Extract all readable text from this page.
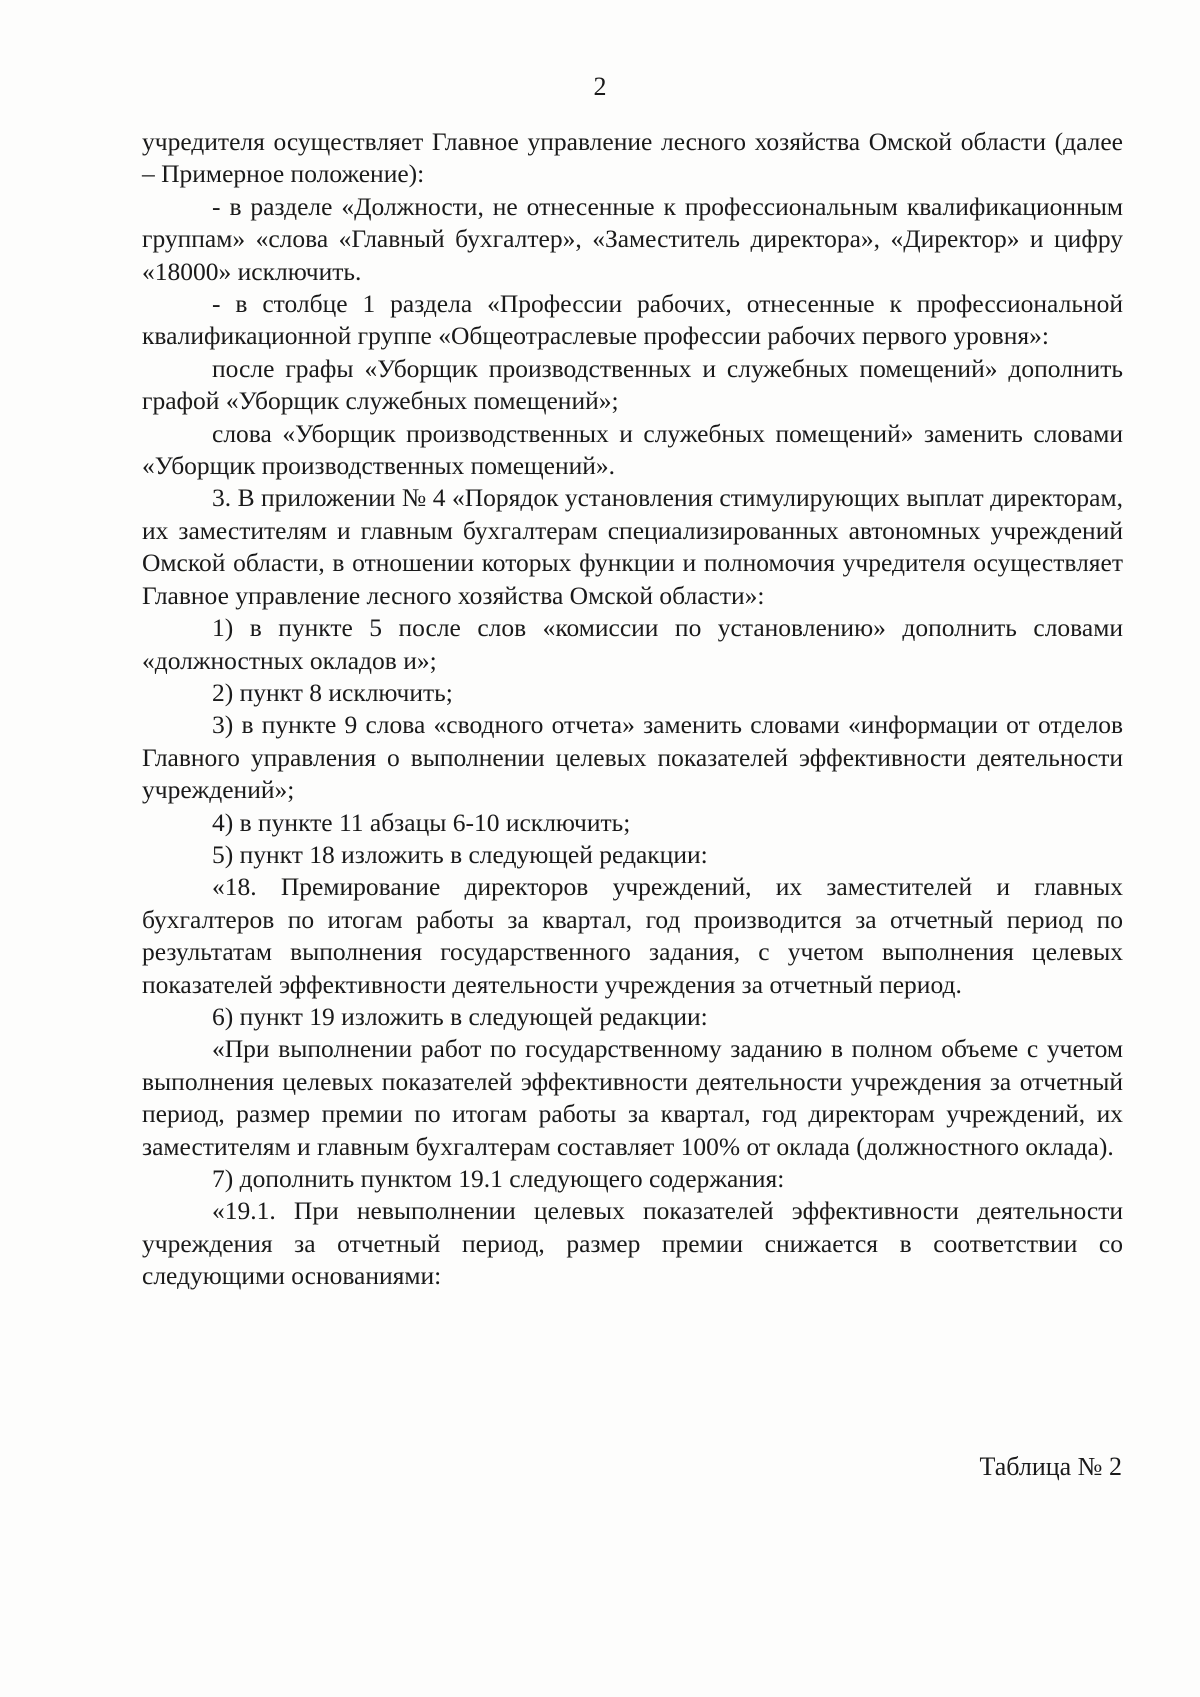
2

учредителя осуществляет Главное управление лесного хозяйства Омской области (далее – Примерное положение):

- в разделе «Должности, не отнесенные к профессиональным квалификационным группам» «слова «Главный бухгалтер», «Заместитель директора», «Директор» и цифру «18000» исключить.

- в столбце 1 раздела «Профессии рабочих, отнесенные к профессиональной квалификационной группе «Общеотраслевые профессии рабочих первого уровня»:

после графы «Уборщик производственных и служебных помещений» дополнить графой «Уборщик служебных помещений»;

слова «Уборщик производственных и служебных помещений» заменить словами «Уборщик производственных помещений».

3. В приложении № 4 «Порядок установления стимулирующих выплат директорам, их заместителям и главным бухгалтерам специализированных автономных учреждений Омской области, в отношении которых функции и полномочия учредителя осуществляет Главное управление лесного хозяйства Омской области»:

1) в пункте 5 после слов «комиссии по установлению» дополнить словами «должностных окладов и»;

2) пункт 8 исключить;

3) в пункте 9 слова «сводного отчета» заменить словами «информации от отделов Главного управления о выполнении целевых показателей эффективности деятельности учреждений»;

4) в пункте 11 абзацы 6-10 исключить;

5) пункт 18 изложить в следующей редакции:

«18. Премирование директоров учреждений, их заместителей и главных бухгалтеров по итогам работы за квартал, год производится за отчетный период по результатам выполнения государственного задания, с учетом выполнения целевых показателей эффективности деятельности учреждения за отчетный период.

6) пункт 19 изложить в следующей редакции:

«При выполнении работ по государственному заданию в полном объеме с учетом выполнения целевых показателей эффективности деятельности учреждения за отчетный период, размер премии по итогам работы за квартал, год директорам учреждений, их заместителям и главным бухгалтерам составляет 100% от оклада (должностного оклада).

7) дополнить пунктом 19.1 следующего содержания:

«19.1. При невыполнении целевых показателей эффективности деятельности учреждения за отчетный период, размер премии снижается в соответствии со следующими основаниями:

Таблица № 2
